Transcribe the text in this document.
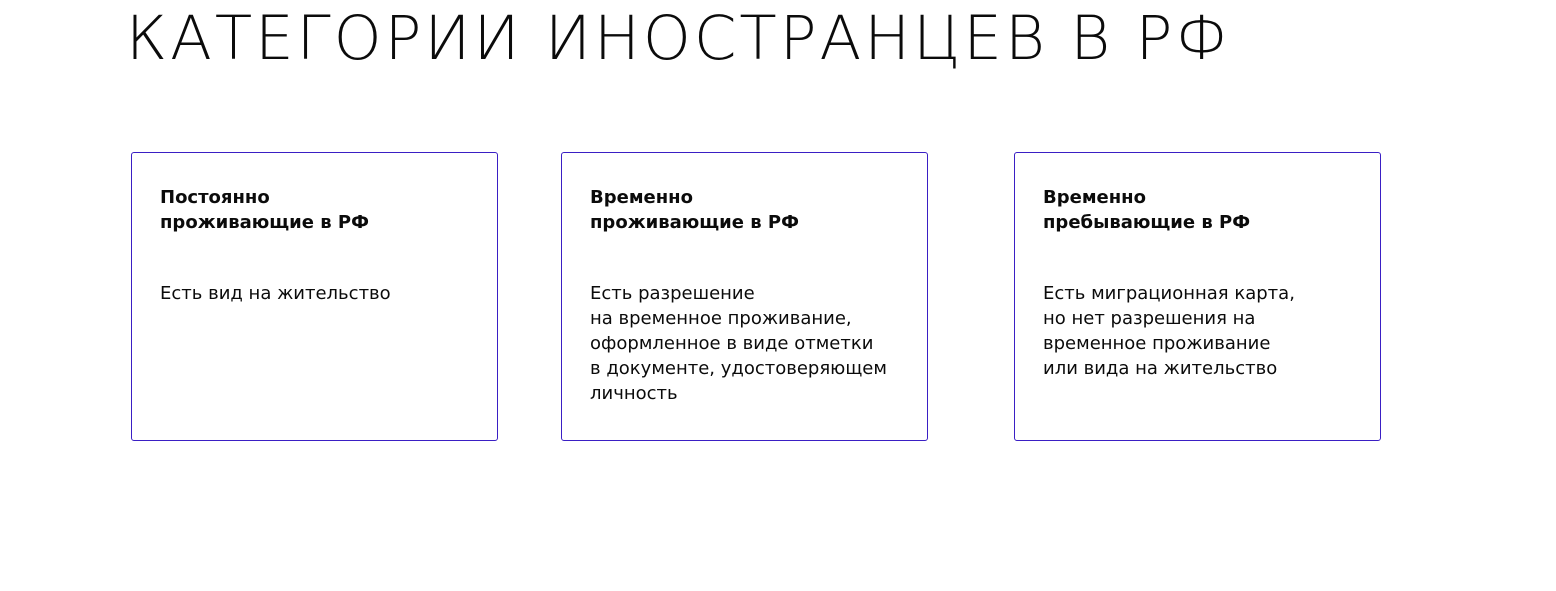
КАТЕГОРИИ ИНОСТРАНЦЕВ В РФ

Постоянно
проживающие в РФ

Есть вид на жительство

Временно
проживающие в РФ

Есть разрешение
на временное проживание,
оформленное в виде отметки
в документе, удостоверяющем
личность

Временно
пребывающие в РФ

Есть миграционная карта,
но нет разрешения на
временное проживание
или вида на жительство
